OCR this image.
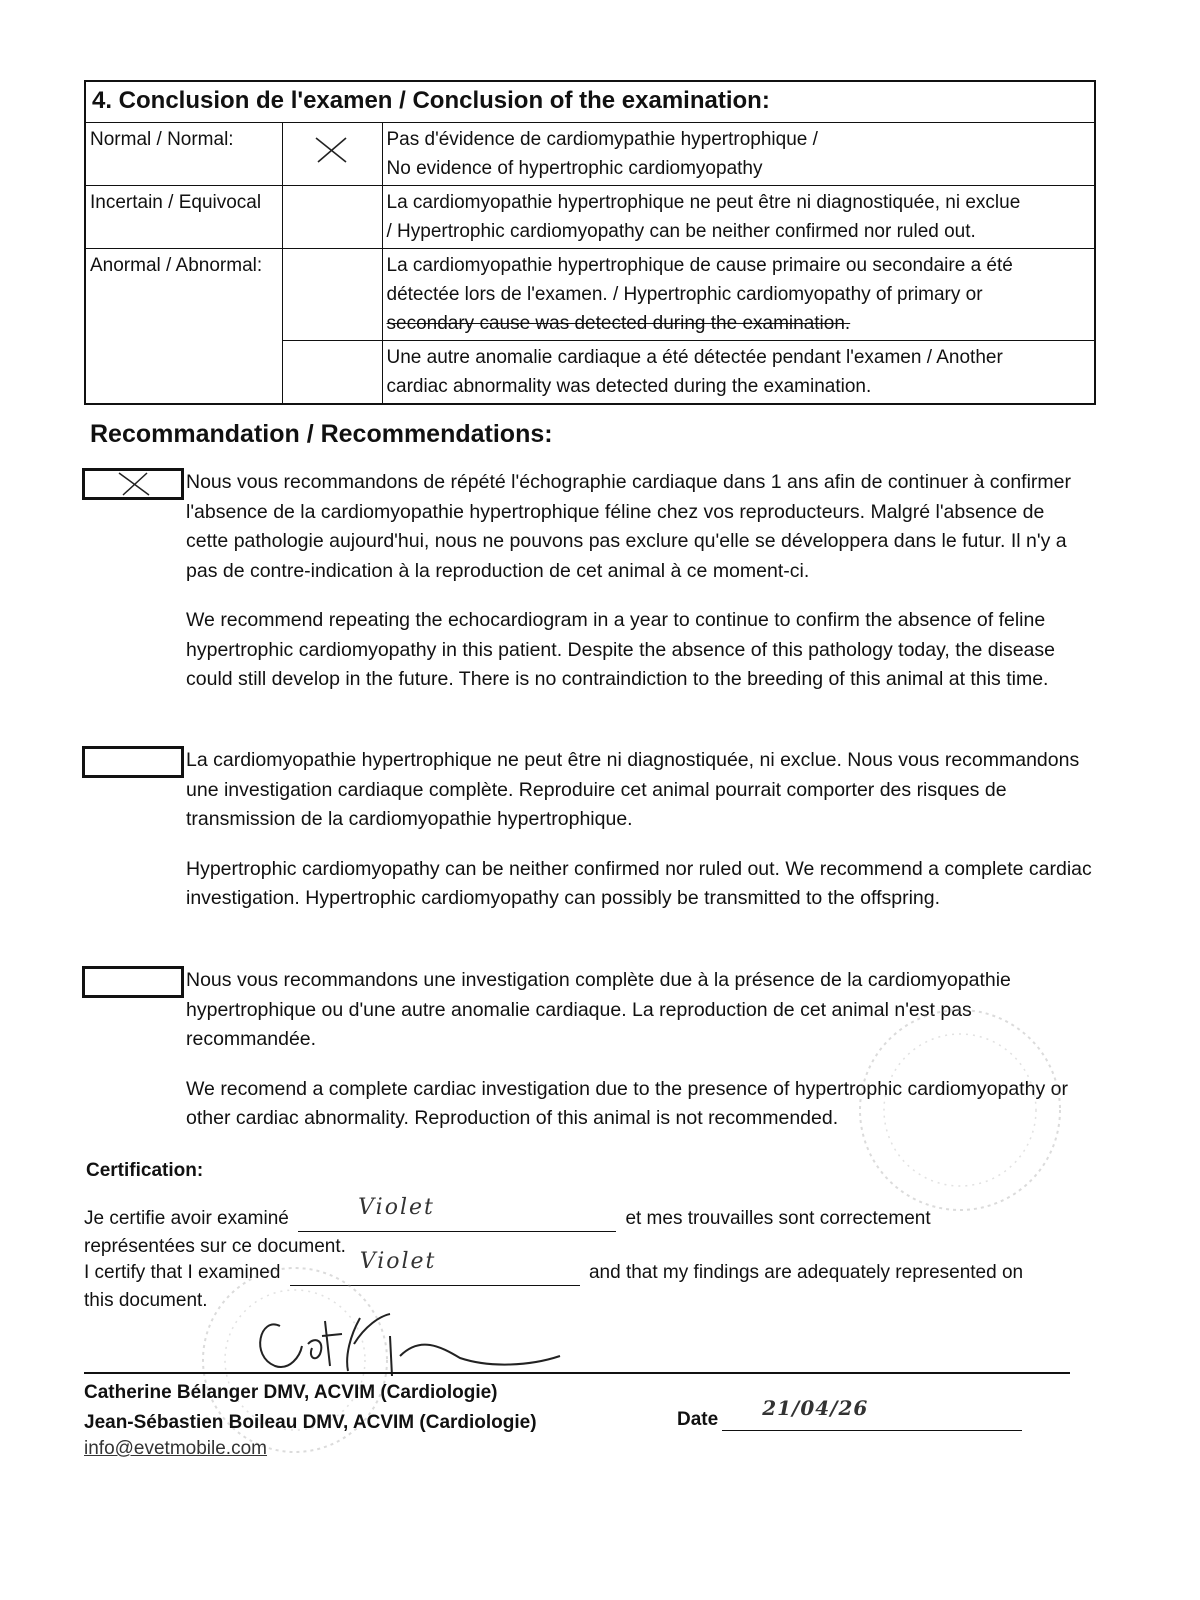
4. Conclusion de l'examen / Conclusion of the examination:		
Normal / Normal:		Pas d'évidence de cardiomypathie hypertrophique /
No evidence of hypertrophic cardiomyopathy

Incertain / Equivocal		La cardiomyopathie hypertrophique ne peut être ni diagnostiquée, ni exclue
/ Hypertrophic cardiomyopathy can be neither confirmed nor ruled out.

Anormal / Abnormal:		La cardiomyopathie hypertrophique de cause primaire ou secondaire a été
détectée lors de l'examen. / Hypertrophic cardiomyopathy of primary or
secondary cause was detected during the examination.

		Une autre anomalie cardiaque a été détectée pendant l'examen / Another
cardiac abnormality was detected during the examination.
Recommandation / Recommendations:

Nous vous recommandons de répété l'échographie cardiaque dans 1 ans afin de continuer à confirmer l'absence de la cardiomyopathie hypertrophique féline chez vos reproducteurs. Malgré l'absence de cette pathologie aujourd'hui, nous ne pouvons pas exclure qu'elle se développera dans le futur. Il n'y a pas de contre-indication à la reproduction de cet animal à ce moment-ci.

We recommend repeating the echocardiogram in a year to continue to confirm the absence of feline hypertrophic cardiomyopathy in this patient. Despite the absence of this pathology today, the disease could still develop in the future. There is no contraindiction to the breeding of this animal at this time.

La cardiomyopathie hypertrophique ne peut être ni diagnostiquée, ni exclue. Nous vous recommandons une investigation cardiaque complète. Reproduire cet animal pourrait comporter des risques de transmission de la cardiomyopathie hypertrophique.

Hypertrophic cardiomyopathy can be neither confirmed nor ruled out. We recommend a complete cardiac investigation. Hypertrophic cardiomyopathy can possibly be transmitted to the offspring.

Nous vous recommandons une investigation complète due à la présence de la cardiomyopathie hypertrophique ou d'une autre anomalie cardiaque. La reproduction de cet animal n'est pas recommandée.

We recomend a complete cardiac investigation due to the presence of hypertrophic cardiomyopathy or other cardiac abnormality. Reproduction of this animal is not recommended.

Certification:
Je certifie avoir examiné	Violet	et mes trouvailles sont correctement
représentées sur ce document.
I certify that I examined	Violet	and that my findings are adequately represented on
this document.
Catherine Bélanger DMV, ACVIM (Cardiologie)
Jean-Sébastien Boileau DMV, ACVIM (Cardiologie)
info@evetmobile.com
Date 21/04/26
